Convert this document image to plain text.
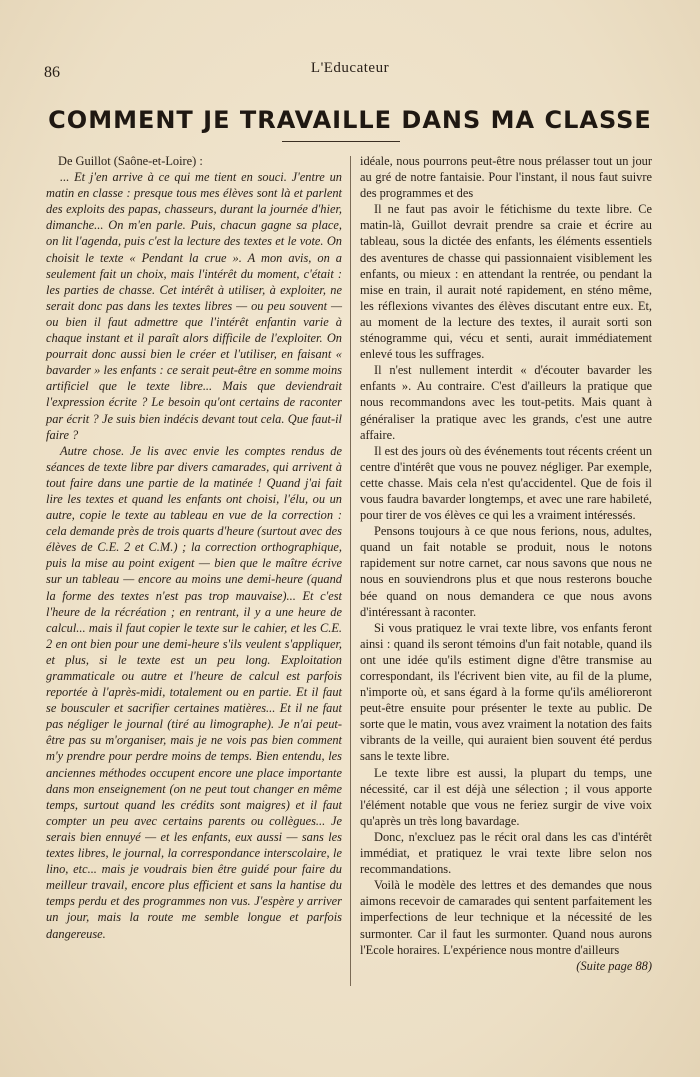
86	L'Educateur
COMMENT JE TRAVAILLE DANS MA CLASSE

De Guillot (Saône-et-Loire) :

... Et j'en arrive à ce qui me tient en souci. J'entre un matin en classe : presque tous mes élèves sont là et parlent des exploits des papas, chasseurs, durant la journée d'hier, dimanche... On m'en parle. Puis, chacun gagne sa place, on lit l'agenda, puis c'est la lecture des textes et le vote. On choisit le texte « Pendant la crue ». A mon avis, on a seulement fait un choix, mais l'intérêt du moment, c'était : les parties de chasse. Cet intérêt à utiliser, à exploiter, ne serait donc pas dans les textes libres — ou peu souvent — ou bien il faut admettre que l'intérêt enfantin varie à chaque instant et il paraît alors difficile de l'exploiter. On pourrait donc aussi bien le créer et l'utiliser, en faisant « bavarder » les enfants : ce serait peut-être en somme moins artificiel que le texte libre... Mais que deviendrait l'expression écrite ? Le besoin qu'ont certains de raconter par écrit ? Je suis bien indécis devant tout cela. Que faut-il faire ?

Autre chose. Je lis avec envie les comptes rendus de séances de texte libre par divers camarades, qui arrivent à tout faire dans une partie de la matinée ! Quand j'ai fait lire les textes et quand les enfants ont choisi, l'élu, ou un autre, copie le texte au tableau en vue de la correction : cela demande près de trois quarts d'heure (surtout avec des élèves de C.E. 2 et C.M.) ; la correction orthographique, puis la mise au point exigent — bien que le maître écrive sur un tableau — encore au moins une demi-heure (quand la forme des textes n'est pas trop mauvaise)... Et c'est l'heure de la récréation ; en rentrant, il y a une heure de calcul... mais il faut copier le texte sur le cahier, et les C.E. 2 en ont bien pour une demi-heure s'ils veulent s'appliquer, et plus, si le texte est un peu long. Exploitation grammaticale ou autre et l'heure de calcul est parfois reportée à l'après-midi, totalement ou en partie. Et il faut se bousculer et sacrifier certaines matières... Et il ne faut pas négliger le journal (tiré au limographe). Je n'ai peut-être pas su m'organiser, mais je ne vois pas bien comment m'y prendre pour perdre moins de temps. Bien entendu, les anciennes méthodes occupent encore une place importante dans mon enseignement (on ne peut tout changer en même temps, surtout quand les crédits sont maigres) et il faut compter un peu avec certains parents ou collègues... Je serais bien ennuyé — et les enfants, eux aussi — sans les textes libres, le journal, la correspondance interscolaire, le lino, etc... mais je voudrais bien être guidé pour faire du meilleur travail, encore plus efficient et sans la hantise du temps perdu et des programmes non vus. J'espère y arriver un jour, mais la route me semble longue et parfois dangereuse.

idéale, nous pourrons peut-être nous prélasser tout un jour au gré de notre fantaisie. Pour l'instant, il nous faut suivre des programmes et des

Il ne faut pas avoir le fétichisme du texte libre. Ce matin-là, Guillot devrait prendre sa craie et écrire au tableau, sous la dictée des enfants, les éléments essentiels des aventures de chasse qui passionnaient visiblement les enfants, ou mieux : en attendant la rentrée, ou pendant la mise en train, il aurait noté rapidement, en sténo même, les réflexions vivantes des élèves discutant entre eux. Et, au moment de la lecture des textes, il aurait sorti son sténogramme qui, vécu et senti, aurait immédiatement enlevé tous les suffrages.

Il n'est nullement interdit « d'écouter bavarder les enfants ». Au contraire. C'est d'ailleurs la pratique que nous recommandons avec les tout-petits. Mais quant à généraliser la pratique avec les grands, c'est une autre affaire.

Il est des jours où des événements tout récents créent un centre d'intérêt que vous ne pouvez négliger. Par exemple, cette chasse. Mais cela n'est qu'accidentel. Que de fois il vous faudra bavarder longtemps, et avec une rare habileté, pour tirer de vos élèves ce qui les a vraiment intéressés.

Pensons toujours à ce que nous ferions, nous, adultes, quand un fait notable se produit, nous le notons rapidement sur notre carnet, car nous savons que nous ne nous en souviendrons plus et que nous resterons bouche bée quand on nous demandera ce que nous avons d'intéressant à raconter.

Si vous pratiquez le vrai texte libre, vos enfants feront ainsi : quand ils seront témoins d'un fait notable, quand ils ont une idée qu'ils estiment digne d'être transmise au correspondant, ils l'écrivent bien vite, au fil de la plume, n'importe où, et sans égard à la forme qu'ils amélioreront peut-être ensuite pour présenter le texte au public. De sorte que le matin, vous avez vraiment la notation des faits vibrants de la veille, qui auraient bien souvent été perdus sans le texte libre.

Le texte libre est aussi, la plupart du temps, une nécessité, car il est déjà une sélection ; il vous apporte l'élément notable que vous ne feriez surgir de vive voix qu'après un très long bavardage.

Donc, n'excluez pas le récit oral dans les cas d'intérêt immédiat, et pratiquez le vrai texte libre selon nos recommandations.

Voilà le modèle des lettres et des demandes que nous aimons recevoir de camarades qui sentent parfaitement les imperfections de leur technique et la nécessité de les surmonter. Car il faut les surmonter. Quand nous aurons l'Ecole horaires. L'expérience nous montre d'ailleurs

(Suite page 88)
